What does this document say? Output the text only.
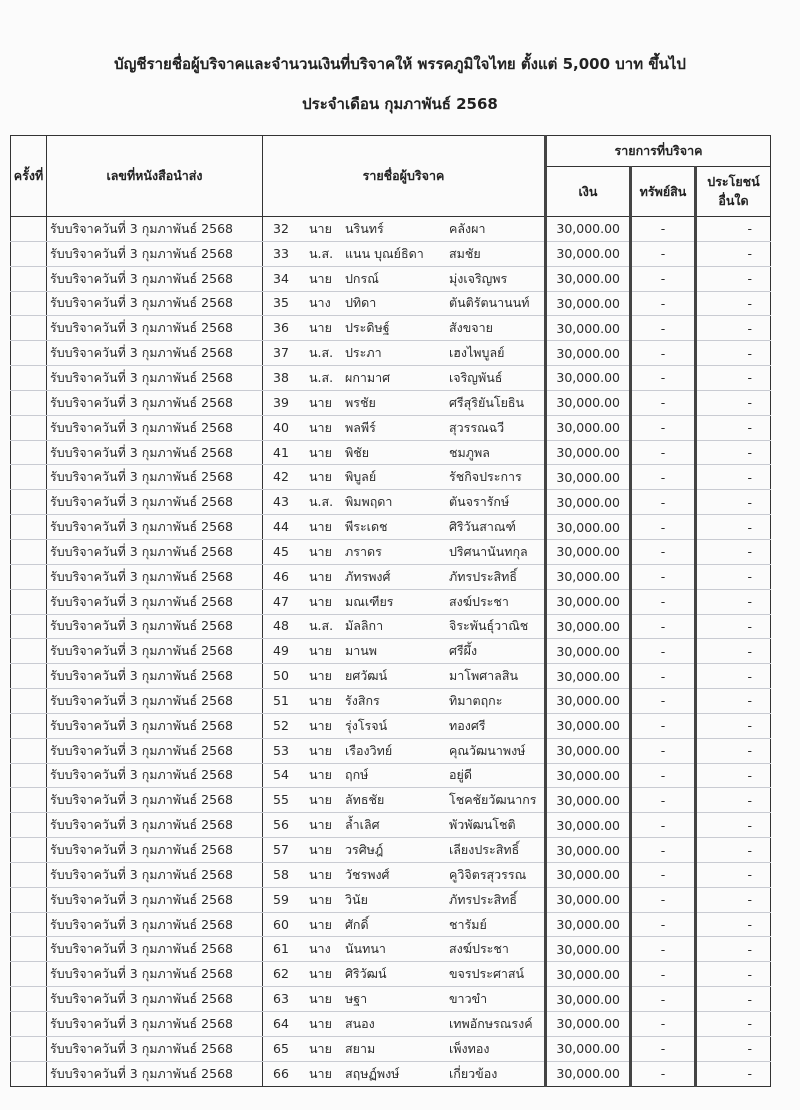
บัญชีรายชื่อผู้บริจาคและจำนวนเงินที่บริจาคให้ พรรคภูมิใจไทย ตั้งแต่ 5,000 บาท ขึ้นไป
ประจำเดือน กุมภาพันธ์ 2568
ครั้งที่	เลขที่หนังสือนำส่ง	รายชื่อผู้บริจาค	รายการที่บริจาค		
			เงิน	ทรัพย์สิน	ประโยชน์
อื่นใด
	รับบริจาควันที่ 3 กุมภาพันธ์ 2568	32 นาย นรินทร์ คลังผา	30,000.00	-	-
	รับบริจาควันที่ 3 กุมภาพันธ์ 2568	33 น.ส. แนน บุณย์ธิดา สมชัย	30,000.00	-	-
	รับบริจาควันที่ 3 กุมภาพันธ์ 2568	34 นาย ปกรณ์ มุ่งเจริญพร	30,000.00	-	-
	รับบริจาควันที่ 3 กุมภาพันธ์ 2568	35 นาง ปทิดา ตันติรัตนานนท์	30,000.00	-	-
	รับบริจาควันที่ 3 กุมภาพันธ์ 2568	36 นาย ประดิษฐ์ สังขจาย	30,000.00	-	-
	รับบริจาควันที่ 3 กุมภาพันธ์ 2568	37 น.ส. ประภา เฮงไพบูลย์	30,000.00	-	-
	รับบริจาควันที่ 3 กุมภาพันธ์ 2568	38 น.ส. ผกามาศ เจริญพันธ์	30,000.00	-	-
	รับบริจาควันที่ 3 กุมภาพันธ์ 2568	39 นาย พรชัย ศรีสุริยันโยธิน	30,000.00	-	-
	รับบริจาควันที่ 3 กุมภาพันธ์ 2568	40 นาย พลพีร์ สุวรรณฉวี	30,000.00	-	-
	รับบริจาควันที่ 3 กุมภาพันธ์ 2568	41 นาย พิชัย ชมภูพล	30,000.00	-	-
	รับบริจาควันที่ 3 กุมภาพันธ์ 2568	42 นาย พิบูลย์ รัชกิจประการ	30,000.00	-	-
	รับบริจาควันที่ 3 กุมภาพันธ์ 2568	43 น.ส. พิมพฤดา ตันจรารักษ์	30,000.00	-	-
	รับบริจาควันที่ 3 กุมภาพันธ์ 2568	44 นาย พีระเดช ศิริวันสาณฑ์	30,000.00	-	-
	รับบริจาควันที่ 3 กุมภาพันธ์ 2568	45 นาย ภราดร ปริศนานันทกุล	30,000.00	-	-
	รับบริจาควันที่ 3 กุมภาพันธ์ 2568	46 นาย ภัทรพงศ์ ภัทรประสิทธิ์	30,000.00	-	-
	รับบริจาควันที่ 3 กุมภาพันธ์ 2568	47 นาย มณเฑียร สงฆ์ประชา	30,000.00	-	-
	รับบริจาควันที่ 3 กุมภาพันธ์ 2568	48 น.ส. มัลลิกา จิระพันธุ์วาณิช	30,000.00	-	-
	รับบริจาควันที่ 3 กุมภาพันธ์ 2568	49 นาย มานพ ศรีผึ้ง	30,000.00	-	-
	รับบริจาควันที่ 3 กุมภาพันธ์ 2568	50 นาย ยศวัฒน์ มาโพศาลสิน	30,000.00	-	-
	รับบริจาควันที่ 3 กุมภาพันธ์ 2568	51 นาย รังสิกร ทิมาตฤกะ	30,000.00	-	-
	รับบริจาควันที่ 3 กุมภาพันธ์ 2568	52 นาย รุ่งโรจน์ ทองศรี	30,000.00	-	-
	รับบริจาควันที่ 3 กุมภาพันธ์ 2568	53 นาย เรืองวิทย์ คุณวัฒนาพงษ์	30,000.00	-	-
	รับบริจาควันที่ 3 กุมภาพันธ์ 2568	54 นาย ฤกษ์ อยู่ดี	30,000.00	-	-
	รับบริจาควันที่ 3 กุมภาพันธ์ 2568	55 นาย ลัทธชัย โชคชัยวัฒนากร	30,000.00	-	-
	รับบริจาควันที่ 3 กุมภาพันธ์ 2568	56 นาย ล้ำเลิศ พัวพัฒนโชติ	30,000.00	-	-
	รับบริจาควันที่ 3 กุมภาพันธ์ 2568	57 นาย วรศิษฎ์ เลียงประสิทธิ์	30,000.00	-	-
	รับบริจาควันที่ 3 กุมภาพันธ์ 2568	58 นาย วัชรพงศ์ คูวิจิตรสุวรรณ	30,000.00	-	-
	รับบริจาควันที่ 3 กุมภาพันธ์ 2568	59 นาย วินัย ภัทรประสิทธิ์	30,000.00	-	-
	รับบริจาควันที่ 3 กุมภาพันธ์ 2568	60 นาย ศักดิ์ ชารัมย์	30,000.00	-	-
	รับบริจาควันที่ 3 กุมภาพันธ์ 2568	61 นาง นันทนา สงฆ์ประชา	30,000.00	-	-
	รับบริจาควันที่ 3 กุมภาพันธ์ 2568	62 นาย ศิริวัฒน์ ขจรประศาสน์	30,000.00	-	-
	รับบริจาควันที่ 3 กุมภาพันธ์ 2568	63 นาย ษฐา ขาวขำ	30,000.00	-	-
	รับบริจาควันที่ 3 กุมภาพันธ์ 2568	64 นาย สนอง เทพอักษรณรงค์	30,000.00	-	-
	รับบริจาควันที่ 3 กุมภาพันธ์ 2568	65 นาย สยาม เพ็งทอง	30,000.00	-	-
	รับบริจาควันที่ 3 กุมภาพันธ์ 2568	66 นาย สฤษฏ์พงษ์ เกี่ยวข้อง	30,000.00	-	-
